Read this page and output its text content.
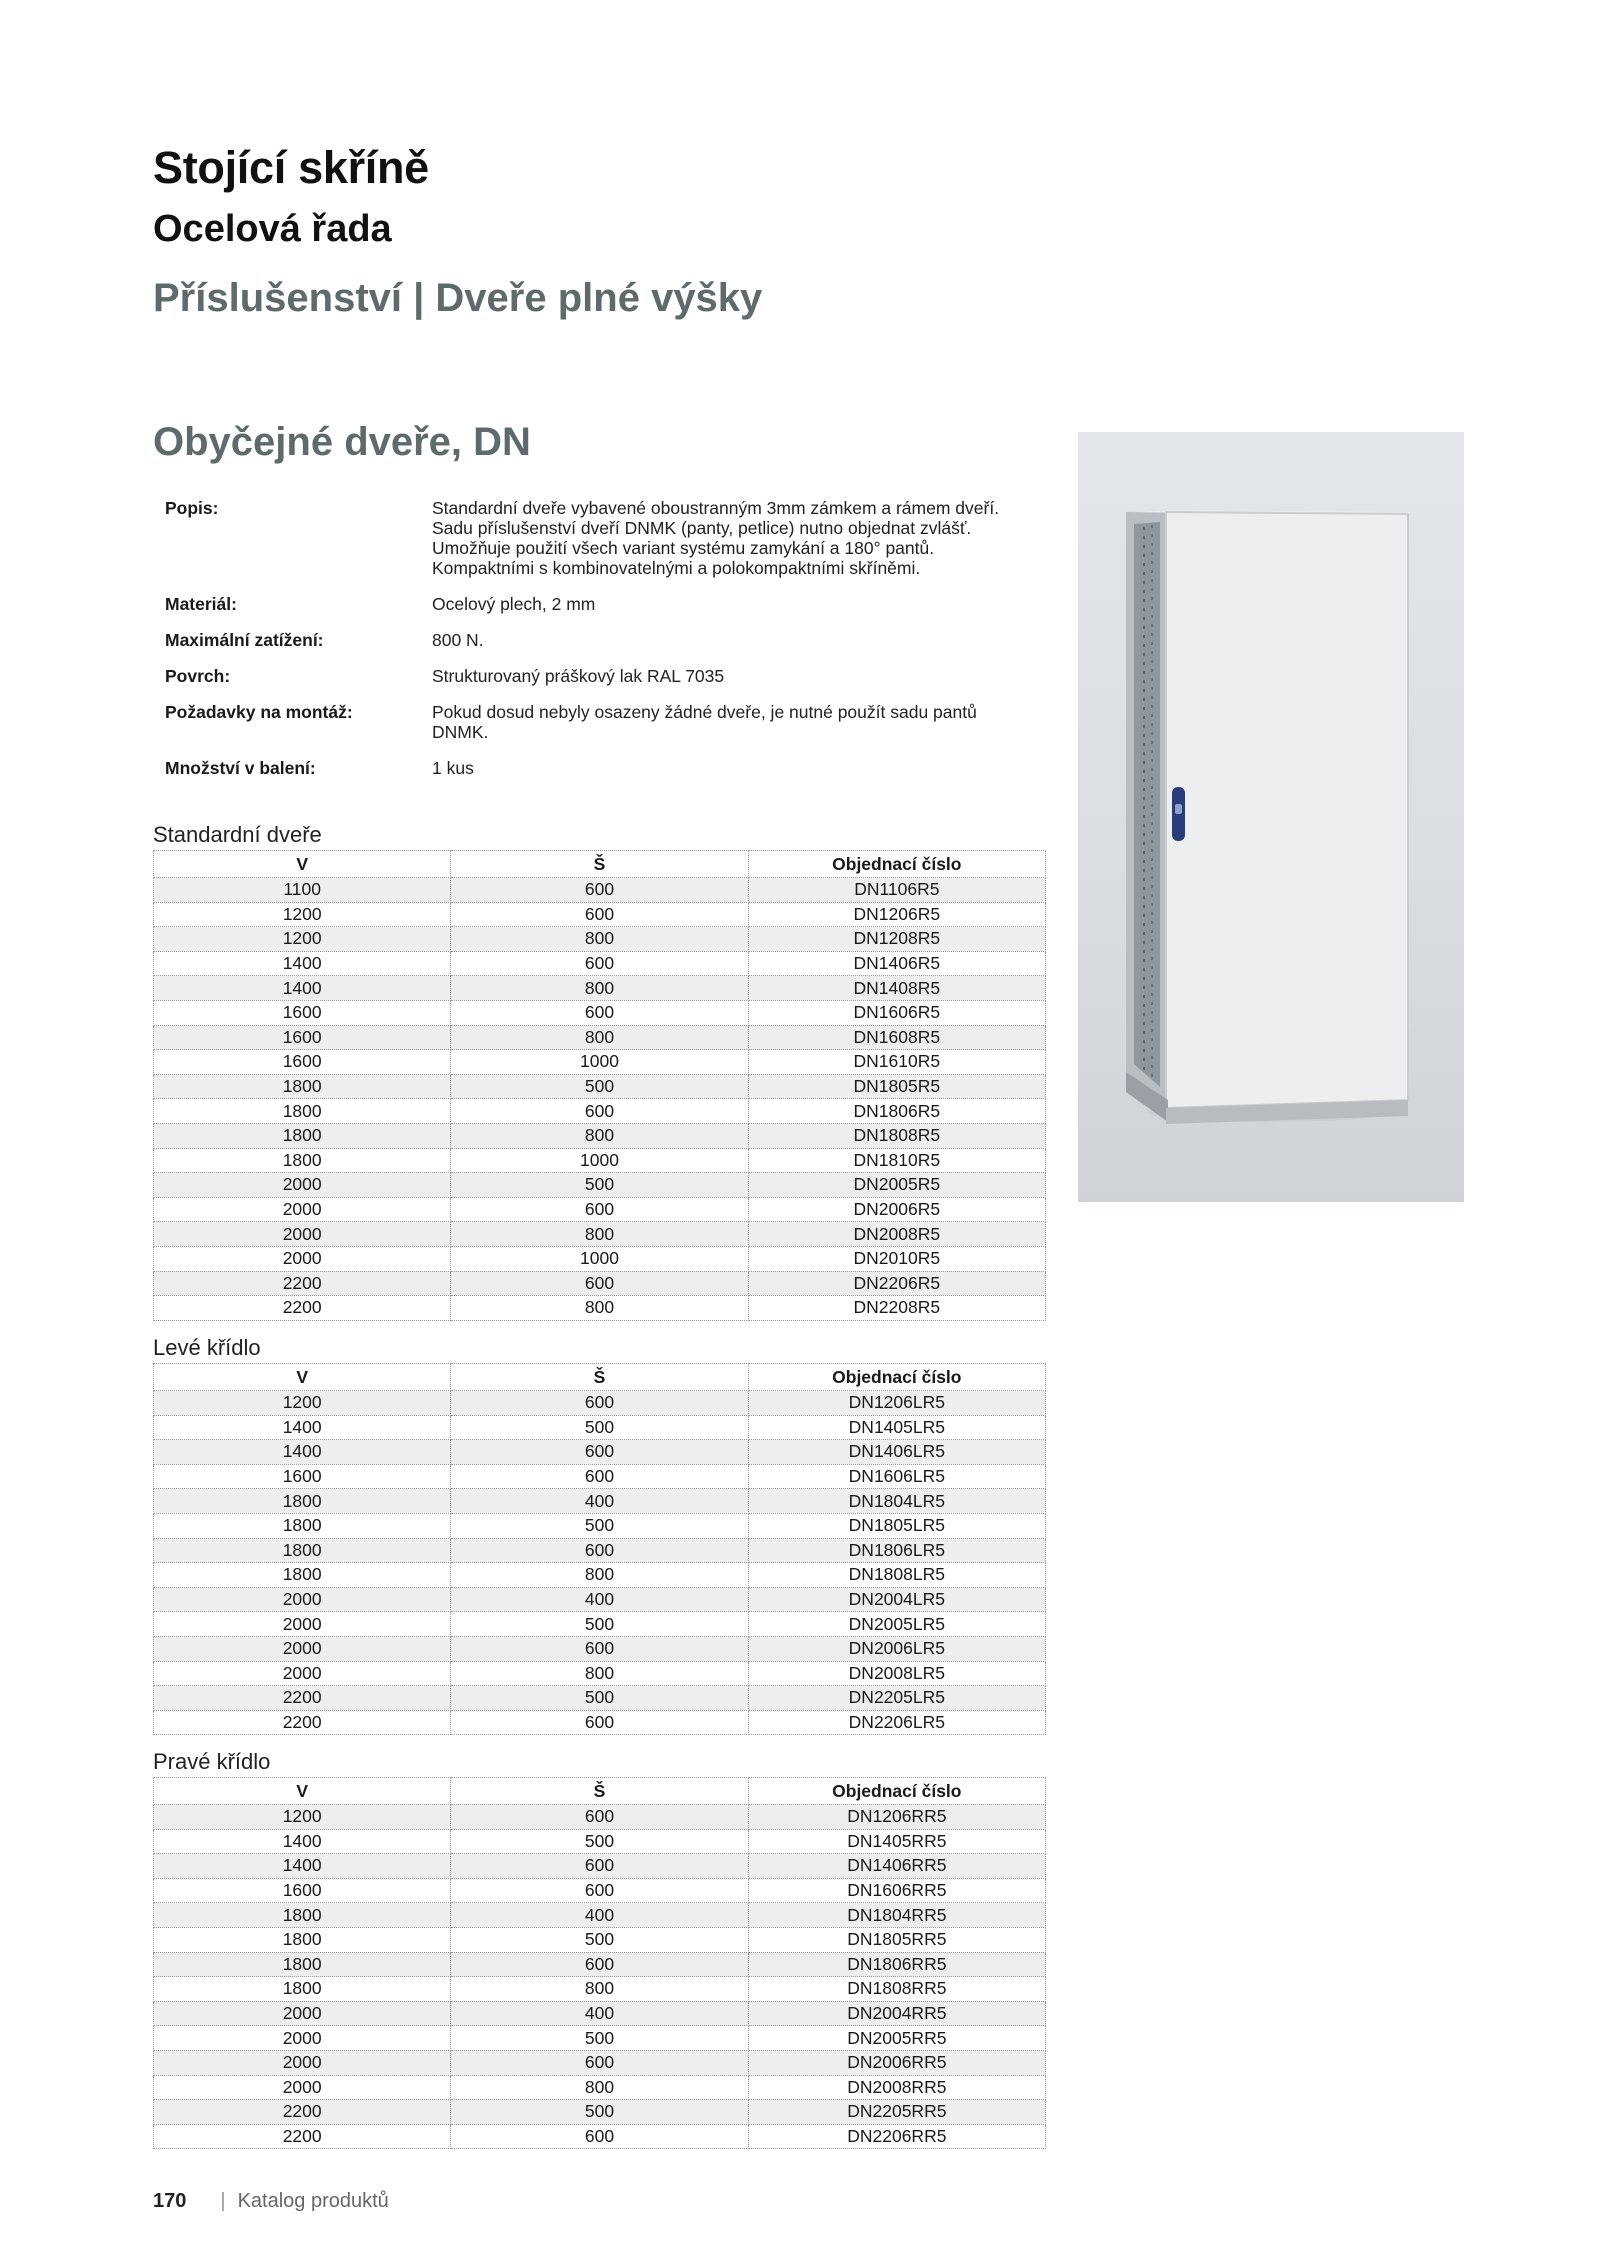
Stojící skříně
Ocelová řada
Příslušenství | Dveře plné výšky
Obyčejné dveře, DN
Popis:	Standardní dveře vybavené oboustranným 3mm zámkem a rámem dveří. Sadu příslušenství dveří DNMK (panty, petlice) nutno objednat zvlášť. Umožňuje použití všech variant systému zamykání a 180° pantů. Kompaktními s kombinovatelnými a polokompaktními skříněmi.
Materiál:	Ocelový plech, 2 mm
Maximální zatížení:	800 N.
Povrch:	Strukturovaný práškový lak RAL 7035
Požadavky na montáž:	Pokud dosud nebyly osazeny žádné dveře, je nutné použít sadu pantů DNMK.
Množství v balení:	1 kus
Standardní dveře
V	Š	Objednací číslo
1100	600	DN1106R5
1200	600	DN1206R5
1200	800	DN1208R5
1400	600	DN1406R5
1400	800	DN1408R5
1600	600	DN1606R5
1600	800	DN1608R5
1600	1000	DN1610R5
1800	500	DN1805R5
1800	600	DN1806R5
1800	800	DN1808R5
1800	1000	DN1810R5
2000	500	DN2005R5
2000	600	DN2006R5
2000	800	DN2008R5
2000	1000	DN2010R5
2200	600	DN2206R5
2200	800	DN2208R5
Levé křídlo
V	Š	Objednací číslo
1200	600	DN1206LR5
1400	500	DN1405LR5
1400	600	DN1406LR5
1600	600	DN1606LR5
1800	400	DN1804LR5
1800	500	DN1805LR5
1800	600	DN1806LR5
1800	800	DN1808LR5
2000	400	DN2004LR5
2000	500	DN2005LR5
2000	600	DN2006LR5
2000	800	DN2008LR5
2200	500	DN2205LR5
2200	600	DN2206LR5
Pravé křídlo
V	Š	Objednací číslo
1200	600	DN1206RR5
1400	500	DN1405RR5
1400	600	DN1406RR5
1600	600	DN1606RR5
1800	400	DN1804RR5
1800	500	DN1805RR5
1800	600	DN1806RR5
1800	800	DN1808RR5
2000	400	DN2004RR5
2000	500	DN2005RR5
2000	600	DN2006RR5
2000	800	DN2008RR5
2200	500	DN2205RR5
2200	600	DN2206RR5
170 | Katalog produktů
